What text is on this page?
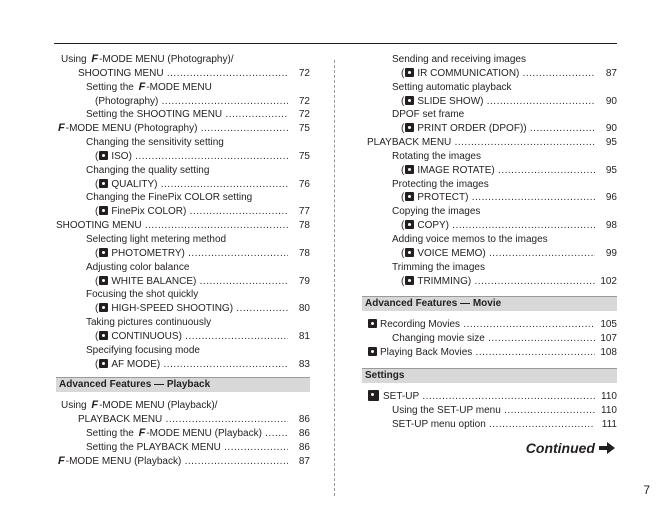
Using F-MODE MENU (Photography)/
SHOOTING MENU .....	72
Setting the F-MODE MENU
(Photography) .....	72
Setting the SHOOTING MENU .....	72
F-MODE MENU (Photography) .....	75
Changing the sensitivity setting
( ISO) .....	75
Changing the quality setting
( QUALITY) .....	76
Changing the FinePix COLOR setting
( FinePix COLOR) .....	77
SHOOTING MENU .....	78
Selecting light metering method
( PHOTOMETRY) .....	78
Adjusting color balance
( WHITE BALANCE) .....	79
Focusing the shot quickly
( HIGH-SPEED SHOOTING) .....	80
Taking pictures continuously
( CONTINUOUS) .....	81
Specifying focusing mode
( AF MODE) .....	83
Advanced Features — Playback
Using F-MODE MENU (Playback)/
PLAYBACK MENU .....	86
Setting the F-MODE MENU (Playback) .....	86
Setting the PLAYBACK MENU .....	86
F-MODE MENU (Playback) .....	87
Sending and receiving images
( IR COMMUNICATION) .....	87
Setting automatic playback
( SLIDE SHOW) .....	90
DPOF set frame
( PRINT ORDER (DPOF)) .....	90
PLAYBACK MENU .....	95
Rotating the images
( IMAGE ROTATE) .....	95
Protecting the images
( PROTECT) .....	96
Copying the images
( COPY) .....	98
Adding voice memos to the images
( VOICE MEMO) .....	99
Trimming the images
( TRIMMING) .....	102
Advanced Features — Movie
Recording Movies .....	105
Changing movie size .....	107
Playing Back Movies .....	108
Settings
SET-UP .....	110
Using the SET-UP menu .....	110
SET-UP menu option .....	111
Continued
7
